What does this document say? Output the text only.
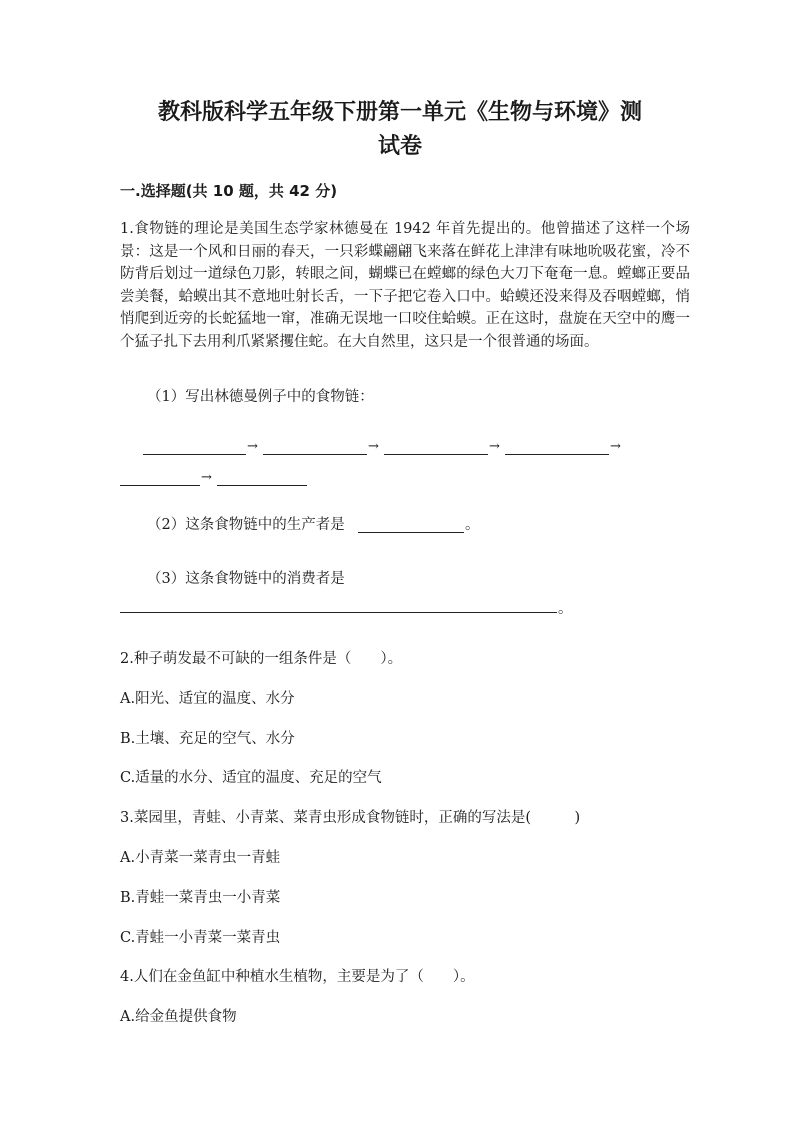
教科版科学五年级下册第一单元《生物与环境》测
试卷
一.选择题(共 10 题，共 42 分)
1.食物链的理论是美国生态学家林德曼在 1942 年首先提出的。他曾描述了这样一个场景：这是一个风和日丽的春天，一只彩蝶翩翩飞来落在鲜花上津津有味地吮吸花蜜，冷不防背后划过一道绿色刀影，转眼之间，蝴蝶已在螳螂的绿色大刀下奄奄一息。螳螂正要品尝美餐，蛤蟆出其不意地吐射长舌，一下子把它卷入口中。蛤蟆还没来得及吞咽螳螂，悄悄爬到近旁的长蛇猛地一窜，准确无误地一口咬住蛤蟆。正在这时，盘旋在天空中的鹰一个猛子扎下去用利爪紧紧攫住蛇。在大自然里，这只是一个很普通的场面。
（1）写出林德曼例子中的食物链：
→	→	→	→
→
（2）这条食物链中的生产者是	。
（3）这条食物链中的消费者是
。
2.种子萌发最不可缺的一组条件是（　　）。
A.阳光、适宜的温度、水分
B.土壤、充足的空气、水分
C.适量的水分、适宜的温度、充足的空气
3.菜园里，青蛙、小青菜、菜青虫形成食物链时，正确的写法是(　　　)
A.小青菜一菜青虫一青蛙
B.青蛙一菜青虫一小青菜
C.青蛙一小青菜一菜青虫
4.人们在金鱼缸中种植水生植物，主要是为了（　　）。
A.给金鱼提供食物
